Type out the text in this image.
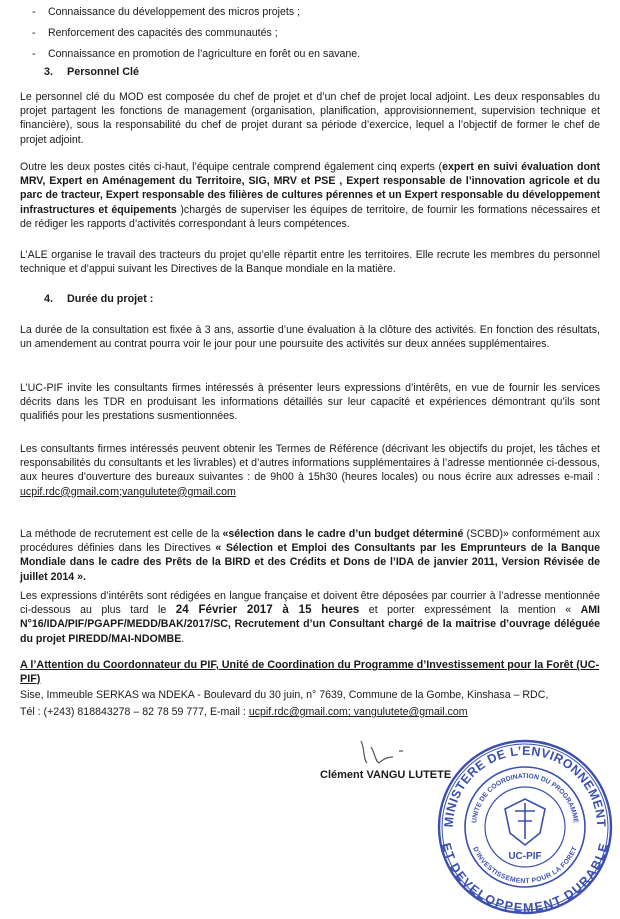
- Connaissance du développement des micros projets ;
- Renforcement des capacités des communautés ;
- Connaissance en promotion de l’agriculture en forêt ou en savane.
3. Personnel Clé

Le personnel clé du MOD est composée du chef de projet et d’un chef de projet local adjoint. Les deux responsables du projet partagent les fonctions de management (organisation, planification, approvisionnement, supervision technique et financière), sous la responsabilité du chef de projet durant sa période d’exercice, lequel a l’objectif de former le chef de projet adjoint.

Outre les deux postes cités ci-haut, l’équipe centrale comprend également cinq experts (expert en suivi évaluation dont MRV, Expert en Aménagement du Territoire, SIG, MRV et PSE , Expert responsable de l’innovation agricole et du parc de tracteur, Expert responsable des filières de cultures pérennes et un Expert responsable du développement infrastructures et équipements )chargés de superviser les équipes de territoire, de fournir les formations nécessaires et de rédiger les rapports d’activités correspondant à leurs compétences.

L’ALE organise le travail des tracteurs du projet qu’elle répartit entre les territoires. Elle recrute les membres du personnel technique et d’appui suivant les Directives de la Banque mondiale en la matière.

4. Durée du projet :

La durée de la consultation est fixée à 3 ans, assortie d’une évaluation à la clôture des activités. En fonction des résultats, un amendement au contrat pourra voir le jour pour une poursuite des activités sur deux années supplémentaires.

L’UC-PIF invite les consultants firmes intéressés à présenter leurs expressions d’intérêts, en vue de fournir les services décrits dans les TDR en produisant les informations détaillés sur leur capacité et expériences démontrant qu’ils sont qualifiés pour les prestations susmentionnées.

Les consultants firmes intéressés peuvent obtenir les Termes de Référence (décrivant les objectifs du projet, les tâches et responsabilités du consultants et les livrables) et d’autres informations supplémentaires à l’adresse mentionnée ci-dessous, aux heures d’ouverture des bureaux suivantes : de 9h00 à 15h30 (heures locales) ou nous écrire aux adresses e-mail : ucpif.rdc@gmail.com;vangulutete@gmail.com

La méthode de recrutement est celle de la «sélection dans le cadre d’un budget déterminé (SCBD)» conformément aux procédures définies dans les Directives « Sélection et Emploi des Consultants par les Emprunteurs de la Banque Mondiale dans le cadre des Prêts de la BIRD et des Crédits et Dons de l’IDA de janvier 2011, Version Révisée de juillet 2014 ».

Les expressions d’intérêts sont rédigées en langue française et doivent être déposées par courrier à l’adresse mentionnée ci-dessous au plus tard le 24 Février 2017 à 15 heures et porter expressément la mention « AMI N°16/IDA/PIF/PGAPF/MEDD/BAK/2017/SC, Recrutement d’un Consultant chargé de la maitrise d’ouvrage déléguée du projet PIREDD/MAI-NDOMBE.

A l’Attention du Coordonnateur du PIF, Unité de Coordination du Programme d’Investissement pour la Forêt (UC-PIF)

Sise, Immeuble SERKAS wa NDEKA - Boulevard du 30 juin, n° 7639, Commune de la Gombe, Kinshasa – RDC,
Tél : (+243) 818843278 – 82 78 59 777, E-mail : ucpif.rdc@gmail.com; vangulutete@gmail.com
Clément VANGU LUTETE
MINISTERE DE L’ENVIRONNEMENT
ET DEVELOPPEMENT DURABLE
UNITE DE COORDINATION DU PROGRAMME
D’INVESTISSEMENT POUR LA FORET
UC-PIF
